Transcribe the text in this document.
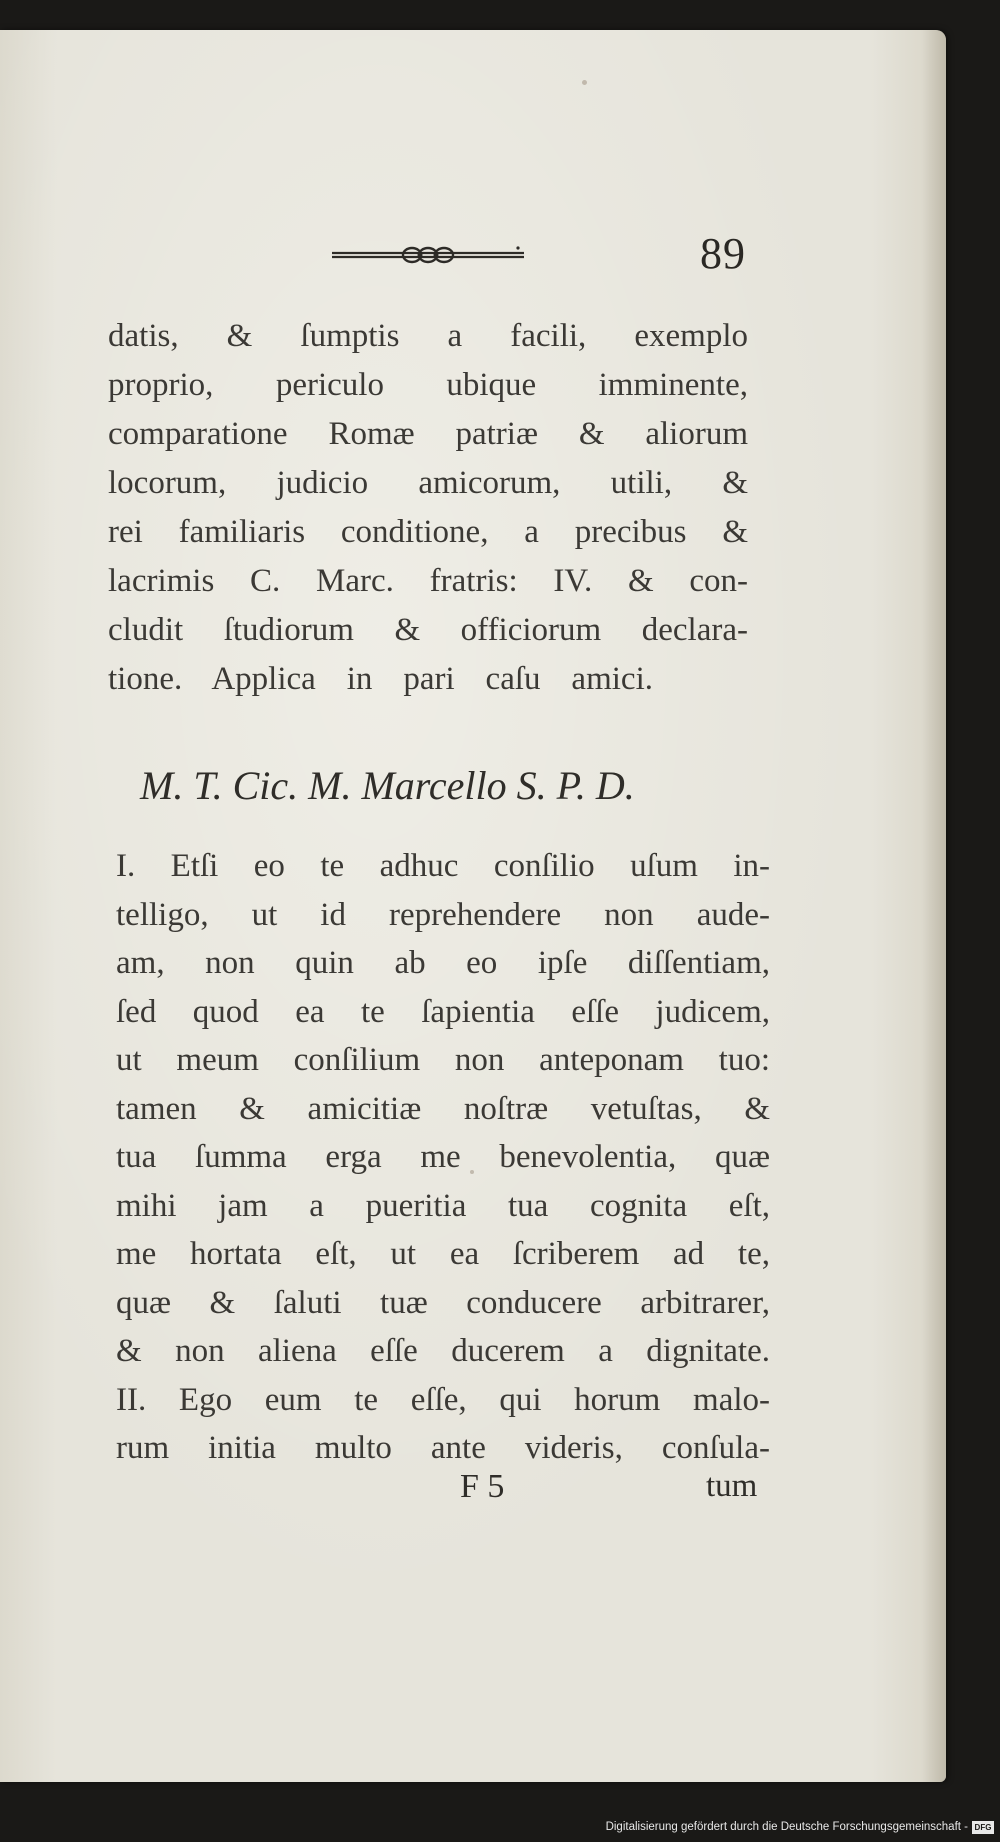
89
datis, & ſumptis a facili, exemplo
proprio, periculo ubique imminente,
comparatione Romæ patriæ & aliorum
locorum, judicio amicorum, utili, &
rei familiaris conditione, a precibus &
lacrimis C. Marc. fratris: IV. & con-
cludit ſtudiorum & officiorum declara-
tione. Applica in pari caſu amici.
M. T. Cic. M. Marcello S. P. D.
I. Etſi eo te adhuc conſilio uſum in-
telligo, ut id reprehendere non aude-
am, non quin ab eo ipſe diſſentiam,
ſed quod ea te ſapientia eſſe judicem,
ut meum conſilium non anteponam tuo:
tamen & amicitiæ noſtræ vetuſtas, &
tua ſumma erga me benevolentia, quæ
mihi jam a pueritia tua cognita eſt,
me hortata eſt, ut ea ſcriberem ad te,
quæ & ſaluti tuæ conducere arbitrarer,
& non aliena eſſe ducerem a dignitate.
II. Ego eum te eſſe, qui horum malo-
rum initia multo ante videris, conſula-
F 5	tum
Digitalisierung gefördert durch die Deutsche Forschungsgemeinschaft - DFG
